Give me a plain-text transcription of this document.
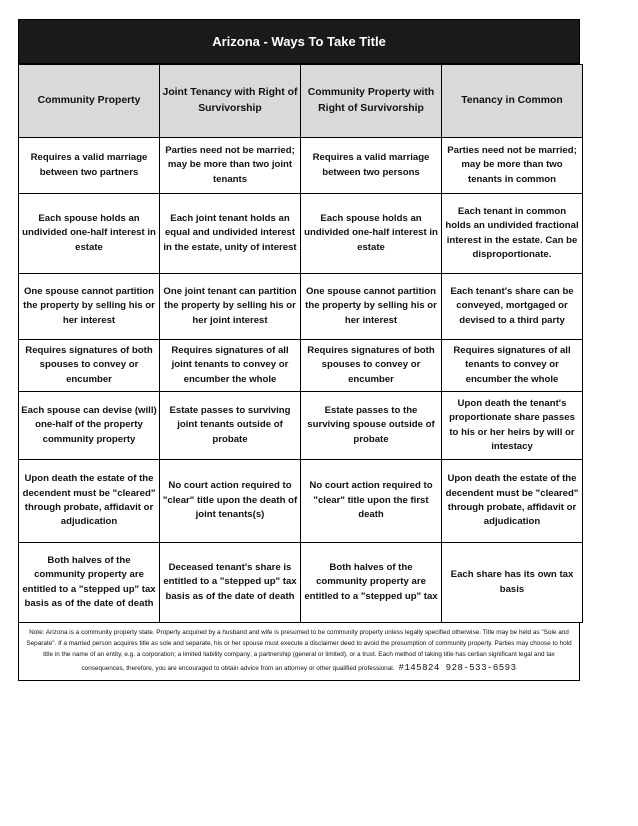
Arizona - Ways To Take Title
Community Property	Joint Tenancy with Right of Survivorship	Community Property with Right of Survivorship	Tenancy in Common
Requires a valid marriage between two partners	Parties need not be married; may be more than two joint tenants	Requires a valid marriage between two persons	Parties need not be married; may be more than two tenants in common
Each spouse holds an undivided one-half interest in estate	Each joint tenant holds an equal and undivided interest in the estate, unity of interest	Each spouse holds an undivided one-half interest in estate	Each tenant in common holds an undivided fractional interest in the estate. Can be disproportionate.
One spouse cannot partition the property by selling his or her interest	One joint tenant can partition the property by selling his or her joint interest	One spouse cannot partition the property by selling his or her interest	Each tenant's share can be conveyed, mortgaged or devised to a third party
Requires signatures of both spouses to convey or encumber	Requires signatures of all joint tenants to convey or encumber the whole	Requires signatures of both spouses to convey or encumber	Requires signatures of all tenants to convey or encumber the whole
Each spouse can devise (will) one-half of the property community property	Estate passes to surviving joint tenants outside of probate	Estate passes to the surviving spouse outside of probate	Upon death the tenant's proportionate share passes to his or her heirs by will or intestacy
Upon death the estate of the decendent must be "cleared" through probate, affidavit or adjudication	No court action required to "clear" title upon the death of joint tenants(s)	No court action required to "clear" title upon the first death	Upon death the estate of the decendent must be "cleared" through probate, affidavit or adjudication
Both halves of the community property are entitled to a "stepped up" tax basis as of the date of death	Deceased tenant's share is entitled to a "stepped up" tax basis as of the date of death	Both halves of the community property are entitled to a "stepped up" tax	Each share has its own tax basis
Note: Arizona is a community property state. Property acquired by a husband and wife is presumed to be community property unless legally specified otherwise. Title may be held as "Sole and Separate". If a married person acquires title as sole and separate, his or her spouse must execute a disclaimer deed to avoid the presumption of community property. Parties may choose to hold title in the name of an entity, e.g. a corporation; a limited liability company; a partnership (general or limited), or a trust. Each method of taking title has certian significant legal and tax consequences, therefore, you are encouraged to obtain advice from an attorney or other qualified professional. #145824 928-533-6593
